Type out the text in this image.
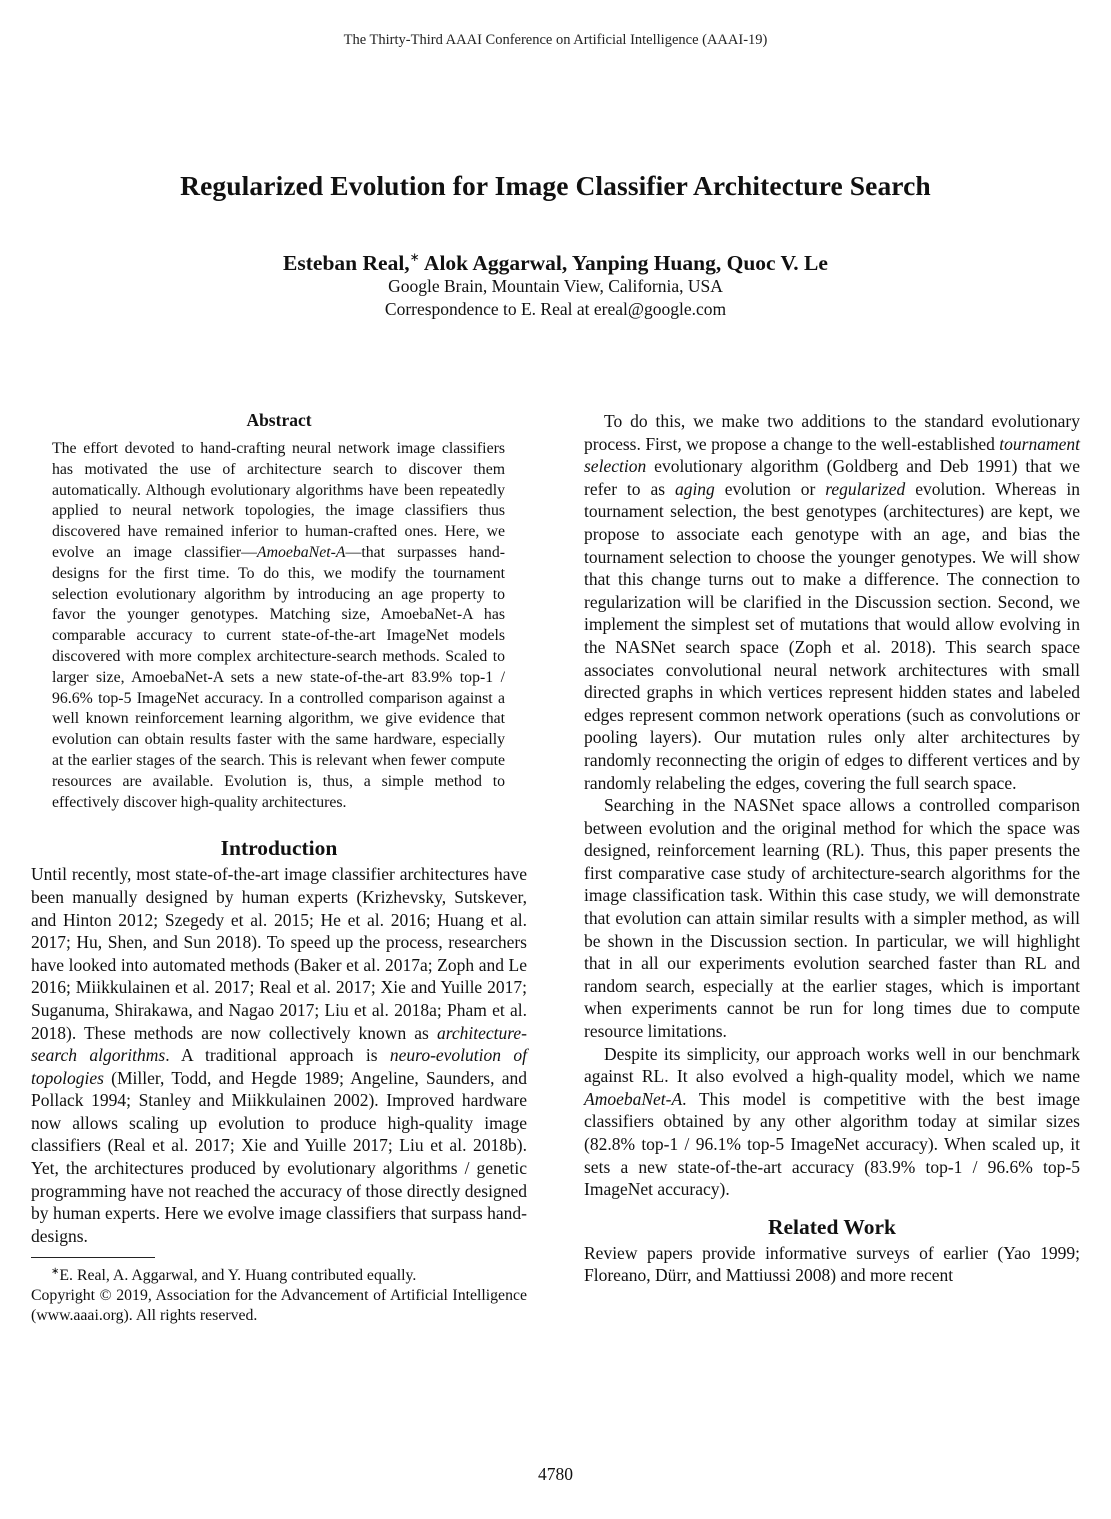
The Thirty-Third AAAI Conference on Artificial Intelligence (AAAI-19)
Regularized Evolution for Image Classifier Architecture Search
Esteban Real,∗ Alok Aggarwal, Yanping Huang, Quoc V. Le
Google Brain, Mountain View, California, USA
Correspondence to E. Real at ereal@google.com
Abstract

The effort devoted to hand-crafting neural network image classifiers has motivated the use of architecture search to discover them automatically. Although evolutionary algorithms have been repeatedly applied to neural network topologies, the image classifiers thus discovered have remained inferior to human-crafted ones. Here, we evolve an image classifier—AmoebaNet-A—that surpasses hand-designs for the first time. To do this, we modify the tournament selection evolutionary algorithm by introducing an age property to favor the younger genotypes. Matching size, AmoebaNet-A has comparable accuracy to current state-of-the-art ImageNet models discovered with more complex architecture-search methods. Scaled to larger size, AmoebaNet-A sets a new state-of-the-art 83.9% top-1 / 96.6% top-5 ImageNet accuracy. In a controlled comparison against a well known reinforcement learning algorithm, we give evidence that evolution can obtain results faster with the same hardware, especially at the earlier stages of the search. This is relevant when fewer compute resources are available. Evolution is, thus, a simple method to effectively discover high-quality architectures.

Introduction

Until recently, most state-of-the-art image classifier architectures have been manually designed by human experts (Krizhevsky, Sutskever, and Hinton 2012; Szegedy et al. 2015; He et al. 2016; Huang et al. 2017; Hu, Shen, and Sun 2018). To speed up the process, researchers have looked into automated methods (Baker et al. 2017a; Zoph and Le 2016; Miikkulainen et al. 2017; Real et al. 2017; Xie and Yuille 2017; Suganuma, Shirakawa, and Nagao 2017; Liu et al. 2018a; Pham et al. 2018). These methods are now collectively known as architecture-search algorithms. A traditional approach is neuro-evolution of topologies (Miller, Todd, and Hegde 1989; Angeline, Saunders, and Pollack 1994; Stanley and Miikkulainen 2002). Improved hardware now allows scaling up evolution to produce high-quality image classifiers (Real et al. 2017; Xie and Yuille 2017; Liu et al. 2018b). Yet, the architectures produced by evolutionary algorithms / genetic programming have not reached the accuracy of those directly designed by human experts. Here we evolve image classifiers that surpass hand-designs.

∗E. Real, A. Aggarwal, and Y. Huang contributed equally.

Copyright © 2019, Association for the Advancement of Artificial Intelligence (www.aaai.org). All rights reserved.

To do this, we make two additions to the standard evolutionary process. First, we propose a change to the well-established tournament selection evolutionary algorithm (Goldberg and Deb 1991) that we refer to as aging evolution or regularized evolution. Whereas in tournament selection, the best genotypes (architectures) are kept, we propose to associate each genotype with an age, and bias the tournament selection to choose the younger genotypes. We will show that this change turns out to make a difference. The connection to regularization will be clarified in the Discussion section. Second, we implement the simplest set of mutations that would allow evolving in the NASNet search space (Zoph et al. 2018). This search space associates convolutional neural network architectures with small directed graphs in which vertices represent hidden states and labeled edges represent common network operations (such as convolutions or pooling layers). Our mutation rules only alter architectures by randomly reconnecting the origin of edges to different vertices and by randomly relabeling the edges, covering the full search space.

Searching in the NASNet space allows a controlled comparison between evolution and the original method for which the space was designed, reinforcement learning (RL). Thus, this paper presents the first comparative case study of architecture-search algorithms for the image classification task. Within this case study, we will demonstrate that evolution can attain similar results with a simpler method, as will be shown in the Discussion section. In particular, we will highlight that in all our experiments evolution searched faster than RL and random search, especially at the earlier stages, which is important when experiments cannot be run for long times due to compute resource limitations.

Despite its simplicity, our approach works well in our benchmark against RL. It also evolved a high-quality model, which we name AmoebaNet-A. This model is competitive with the best image classifiers obtained by any other algorithm today at similar sizes (82.8% top-1 / 96.1% top-5 ImageNet accuracy). When scaled up, it sets a new state-of-the-art accuracy (83.9% top-1 / 96.6% top-5 ImageNet accuracy).

Related Work

Review papers provide informative surveys of earlier (Yao 1999; Floreano, Dürr, and Mattiussi 2008) and more recent

4780
